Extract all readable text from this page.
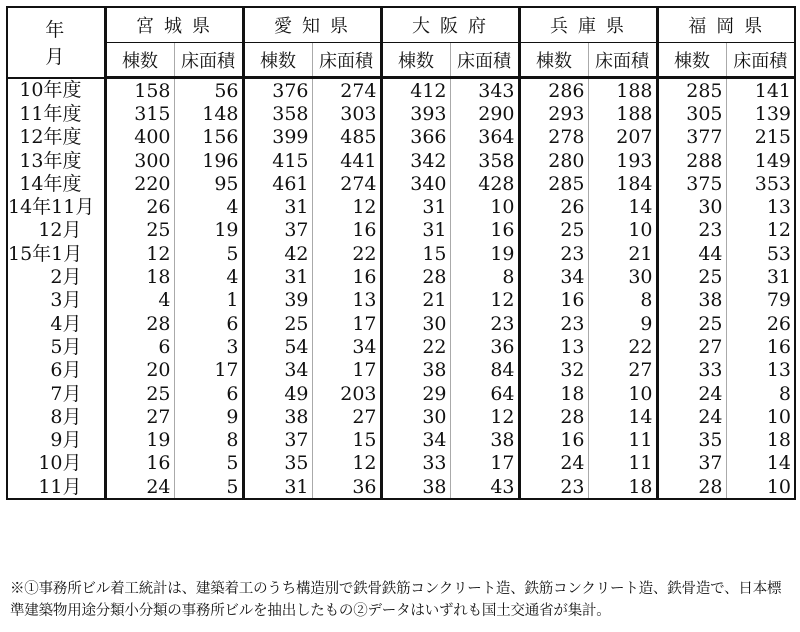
年 月	宮城県		愛知県		大阪府		兵庫県		福岡県	
	棟数	床面積	棟数	床面積	棟数	床面積	棟数	床面積	棟数	床面積
10年度	158	56	376	274	412	343	286	188	285	141
11年度	315	148	358	303	393	290	293	188	305	139
12年度	400	156	399	485	366	364	278	207	377	215
13年度	300	196	415	441	342	358	280	193	288	149
14年度	220	95	461	274	340	428	285	184	375	353
14年11月	26	4	31	12	31	10	26	14	30	13
12月	25	19	37	16	31	16	25	10	23	12
15年1月	12	5	42	22	15	19	23	21	44	53
2月	18	4	31	16	28	8	34	30	25	31
3月	4	1	39	13	21	12	16	8	38	79
4月	28	6	25	17	30	23	23	9	25	26
5月	6	3	54	34	22	36	13	22	27	16
6月	20	17	34	17	38	84	32	27	33	13
7月	25	6	49	203	29	64	18	10	24	8
8月	27	9	38	27	30	12	28	14	24	10
9月	19	8	37	15	34	38	16	11	35	18
10月	16	5	35	12	33	17	24	11	37	14
11月	24	5	31	36	38	43	23	18	28	10
※①事務所ビル着工統計は、建築着工のうち構造別で鉄骨鉄筋コンクリート造、鉄筋コンクリート造、鉄骨造で、日本標準建築物用途分類小分類の事務所ビルを抽出したもの②データはいずれも国土交通省が集計。
